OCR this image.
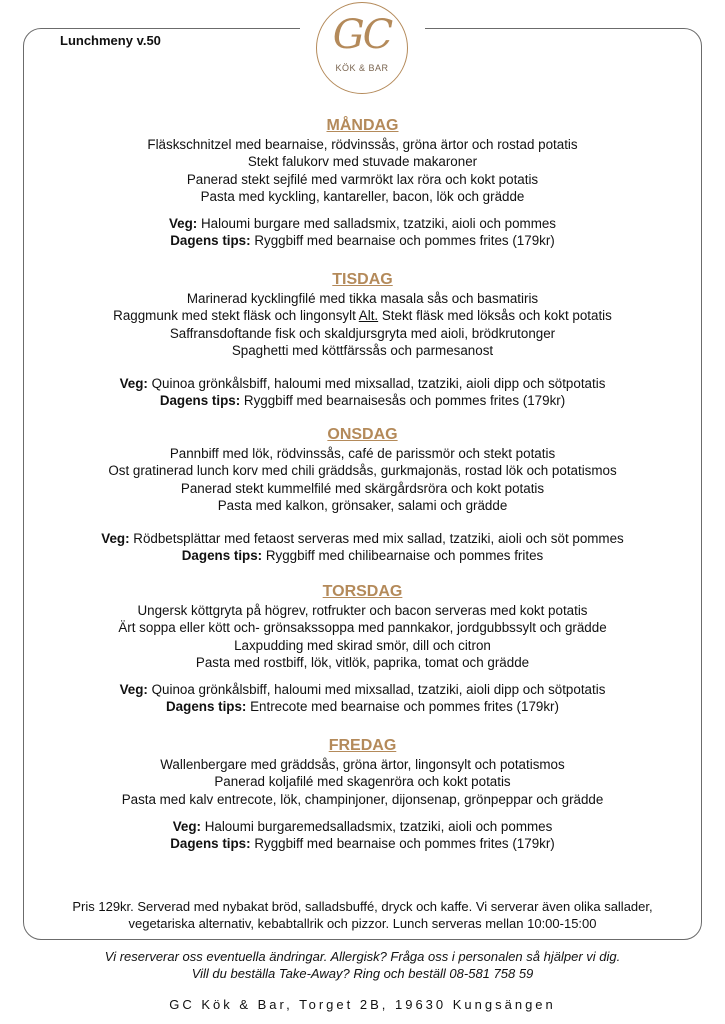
GC
KÖK & BAR
Lunchmeny v.50
MÅNDAG
Fläskschnitzel med bearnaise, rödvinssås, gröna ärtor och rostad potatis
Stekt falukorv med stuvade makaroner
Panerad stekt sejfilé med varmrökt lax röra och kokt potatis
Pasta med kyckling, kantareller, bacon, lök och grädde
Veg: Haloumi burgare med salladsmix, tzatziki, aioli och pommes
Dagens tips: Ryggbiff med bearnaise och pommes frites (179kr)
TISDAG
Marinerad kycklingfilé med tikka masala sås och basmatiris
Raggmunk med stekt fläsk och lingonsylt Alt. Stekt fläsk med löksås och kokt potatis
Saffransdoftande fisk och skaldjursgryta med aioli, brödkrutonger
Spaghetti med köttfärssås och parmesanost
Veg: Quinoa grönkålsbiff, haloumi med mixsallad, tzatziki, aioli dipp och sötpotatis
Dagens tips: Ryggbiff med bearnaisesås och pommes frites (179kr)
ONSDAG
Pannbiff med lök, rödvinssås, café de parissmör och stekt potatis
Ost gratinerad lunch korv med chili gräddsås, gurkmajonäs, rostad lök och potatismos
Panerad stekt kummelfilé med skärgårdsröra och kokt potatis
Pasta med kalkon, grönsaker, salami och grädde
Veg: Rödbetsplättar med fetaost serveras med mix sallad, tzatziki, aioli och söt pommes
Dagens tips: Ryggbiff med chilibearnaise och pommes frites
TORSDAG
Ungersk köttgryta på högrev, rotfrukter och bacon serveras med kokt potatis
Ärt soppa eller kött och- grönsakssoppa med pannkakor, jordgubbssylt och grädde
Laxpudding med skirad smör, dill och citron
Pasta med rostbiff, lök, vitlök, paprika, tomat och grädde
Veg: Quinoa grönkålsbiff, haloumi med mixsallad, tzatziki, aioli dipp och sötpotatis
Dagens tips: Entrecote med bearnaise och pommes frites (179kr)
FREDAG
Wallenbergare med gräddsås, gröna ärtor, lingonsylt och potatismos
Panerad koljafilé med skagenröra och kokt potatis
Pasta med kalv entrecote, lök, champinjoner, dijonsenap, grönpeppar och grädde
Veg: Haloumi burgaremedsalladsmix, tzatziki, aioli och pommes
Dagens tips: Ryggbiff med bearnaise och pommes frites (179kr)
Pris 129kr. Serverad med nybakat bröd, salladsbuffé, dryck och kaffe. Vi serverar även olika sallader,
vegetariska alternativ, kebabtallrik och pizzor. Lunch serveras mellan 10:00-15:00
Vi reserverar oss eventuella ändringar. Allergisk? Fråga oss i personalen så hjälper vi dig.
Vill du beställa Take-Away? Ring och beställ 08-581 758 59
GC Kök & Bar, Torget 2B, 19630 Kungsängen
